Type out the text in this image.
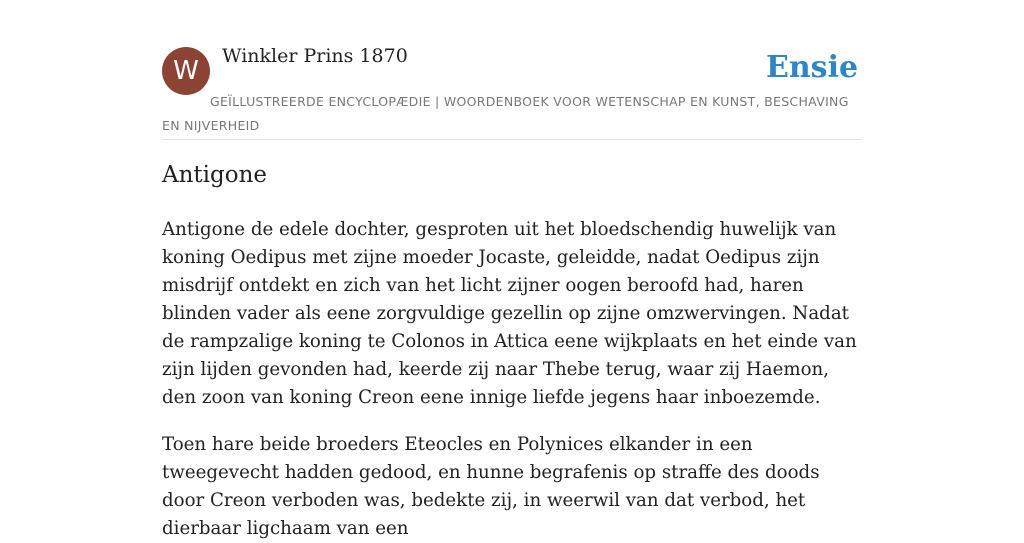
W	Winkler Prins 1870	Ensie
GEÏLLUSTREERDE ENCYCLOPÆDIE | WOORDENBOEK VOOR WETENSCHAP EN KUNST, BESCHAVING EN NIJVERHEID
Antigone

Antigone de edele dochter, gesproten uit het bloedschendig huwelijk van koning Oedipus met zijne moeder Jocaste, geleidde, nadat Oedipus zijn misdrijf ontdekt en zich van het licht zijner oogen beroofd had, haren blinden vader als eene zorgvuldige gezellin op zijne omzwervingen. Nadat de rampzalige koning te Colonos in Attica eene wijkplaats en het einde van zijn lijden gevonden had, keerde zij naar Thebe terug, waar zij Haemon, den zoon van koning Creon eene innige liefde jegens haar inboezemde.

Toen hare beide broeders Eteocles en Polynices elkander in een tweegevecht hadden gedood, en hunne begrafenis op straffe des doods door Creon verboden was, bedekte zij, in weerwil van dat verbod, het dierbaar ligchaam van een
